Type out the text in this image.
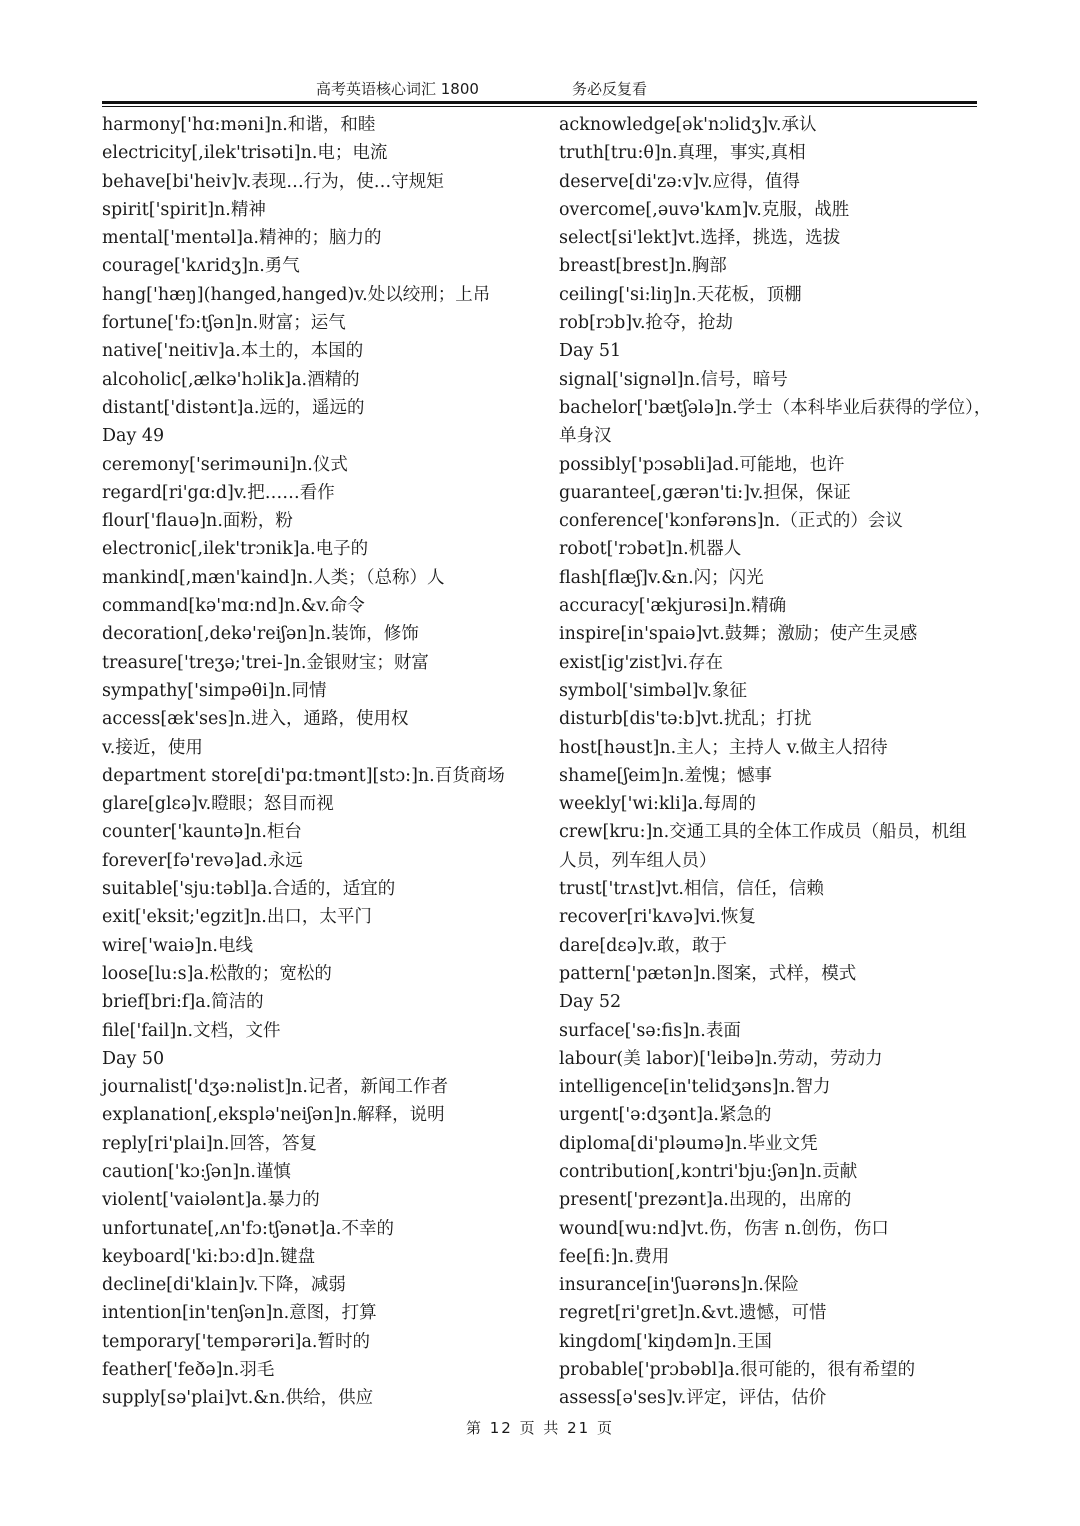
高考英语核心词汇 1800	务必反复看
harmony['hɑ:məni]n.和谐，和睦
electricity[,ilek'trisəti]n.电；电流
behave[bi'heiv]v.表现…行为，使…守规矩
spirit['spirit]n.精神
mental['mentəl]a.精神的；脑力的
courage['kʌridʒ]n.勇气
hang['hæŋ](hanged,hanged)v.处以绞刑；上吊
fortune['fɔ:tʃən]n.财富；运气
native['neitiv]a.本土的，本国的
alcoholic[,ælkə'hɔlik]a.酒精的
distant['distənt]a.远的，遥远的
Day 49
ceremony['seriməuni]n.仪式
regard[ri'gɑ:d]v.把……看作
flour['flauə]n.面粉，粉
electronic[,ilek'trɔnik]a.电子的
mankind[,mæn'kaind]n.人类；（总称）人
command[kə'mɑ:nd]n.&v.命令
decoration[,dekə'reiʃən]n.装饰，修饰
treasure['treʒə;'trei-]n.金银财宝；财富
sympathy['simpəθi]n.同情
access[æk'ses]n.进入，通路，使用权
v.接近，使用
department store[di'pɑ:tmənt][stɔ:]n.百货商场
glare[glɛə]v.瞪眼；怒目而视
counter['kauntə]n.柜台
forever[fə'revə]ad.永远
suitable['sju:təbl]a.合适的，适宜的
exit['eksit;'egzit]n.出口，太平门
wire['waiə]n.电线
loose[lu:s]a.松散的；宽松的
brief[bri:f]a.简洁的
file['fail]n.文档，文件
Day 50
journalist['dʒə:nəlist]n.记者，新闻工作者
explanation[,eksplə'neiʃən]n.解释，说明
reply[ri'plai]n.回答，答复
caution['kɔ:ʃən]n.谨慎
violent['vaiələnt]a.暴力的
unfortunate[,ʌn'fɔ:tʃənət]a.不幸的
keyboard['ki:bɔ:d]n.键盘
decline[di'klain]v.下降，减弱
intention[in'tenʃən]n.意图，打算
temporary['tempərəri]a.暂时的
feather['feðə]n.羽毛
supply[sə'plai]vt.&n.供给，供应
acknowledge[ək'nɔlidʒ]v.承认
truth[tru:θ]n.真理，事实,真相
deserve[di'zə:v]v.应得，值得
overcome[,əuvə'kʌm]v.克服，战胜
select[si'lekt]vt.选择，挑选，选拔
breast[brest]n.胸部
ceiling['si:liŋ]n.天花板，顶棚
rob[rɔb]v.抢夺，抢劫
Day 51
signal['signəl]n.信号，暗号
bachelor['bætʃələ]n.学士（本科毕业后获得的学位），
单身汉
possibly['pɔsəbli]ad.可能地，也许
guarantee[,gærən'ti:]v.担保，保证
conference['kɔnfərəns]n.（正式的）会议
robot['rɔbət]n.机器人
flash[flæʃ]v.&n.闪；闪光
accuracy['ækjurəsi]n.精确
inspire[in'spaiə]vt.鼓舞；激励；使产生灵感
exist[ig'zist]vi.存在
symbol['simbəl]v.象征
disturb[dis'tə:b]vt.扰乱；打扰
host[həust]n.主人；主持人 v.做主人招待
shame[ʃeim]n.羞愧；憾事
weekly['wi:kli]a.每周的
crew[kru:]n.交通工具的全体工作成员（船员，机组
人员，列车组人员）
trust['trʌst]vt.相信，信任，信赖
recover[ri'kʌvə]vi.恢复
dare[dɛə]v.敢，敢于
pattern['pætən]n.图案，式样，模式
Day 52
surface['sə:fis]n.表面
labour(美 labor)['leibə]n.劳动，劳动力
intelligence[in'telidʒəns]n.智力
urgent['ə:dʒənt]a.紧急的
diploma[di'pləumə]n.毕业文凭
contribution[,kɔntri'bju:ʃən]n.贡献
present['prezənt]a.出现的，出席的
wound[wu:nd]vt.伤，伤害 n.创伤，伤口
fee[fi:]n.费用
insurance[in'ʃuərəns]n.保险
regret[ri'gret]n.&vt.遗憾，可惜
kingdom['kiŋdəm]n.王国
probable['prɔbəbl]a.很可能的，很有希望的
assess[ə'ses]v.评定，评估，估价
第 12 页 共 21 页
